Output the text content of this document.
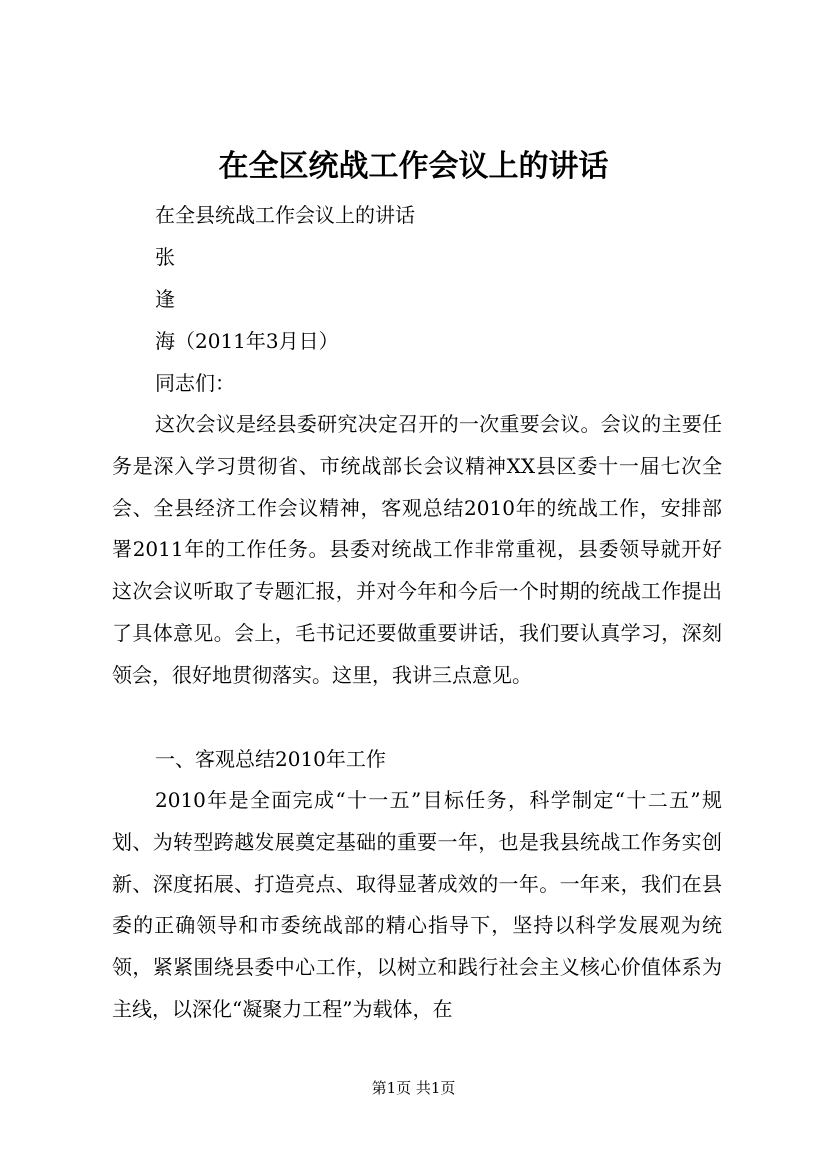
在全区统战工作会议上的讲话
在全县统战工作会议上的讲话
张
逢
海（2011年3月日）
同志们：

这次会议是经县委研究决定召开的一次重要会议。会议的主要任务是深入学习贯彻省、市统战部长会议精神XX县区委十一届七次全会、全县经济工作会议精神，客观总结2010年的统战工作，安排部署2011年的工作任务。县委对统战工作非常重视，县委领导就开好这次会议听取了专题汇报，并对今年和今后一个时期的统战工作提出了具体意见。会上，毛书记还要做重要讲话，我们要认真学习，深刻领会，很好地贯彻落实。这里，我讲三点意见。

一、客观总结2010年工作

2010年是全面完成“十一五”目标任务，科学制定“十二五”规划、为转型跨越发展奠定基础的重要一年，也是我县统战工作务实创新、深度拓展、打造亮点、取得显著成效的一年。一年来，我们在县委的正确领导和市委统战部的精心指导下，坚持以科学发展观为统领，紧紧围绕县委中心工作，以树立和践行社会主义核心价值体系为主线，以深化“凝聚力工程”为载体，在

第1页 共1页
